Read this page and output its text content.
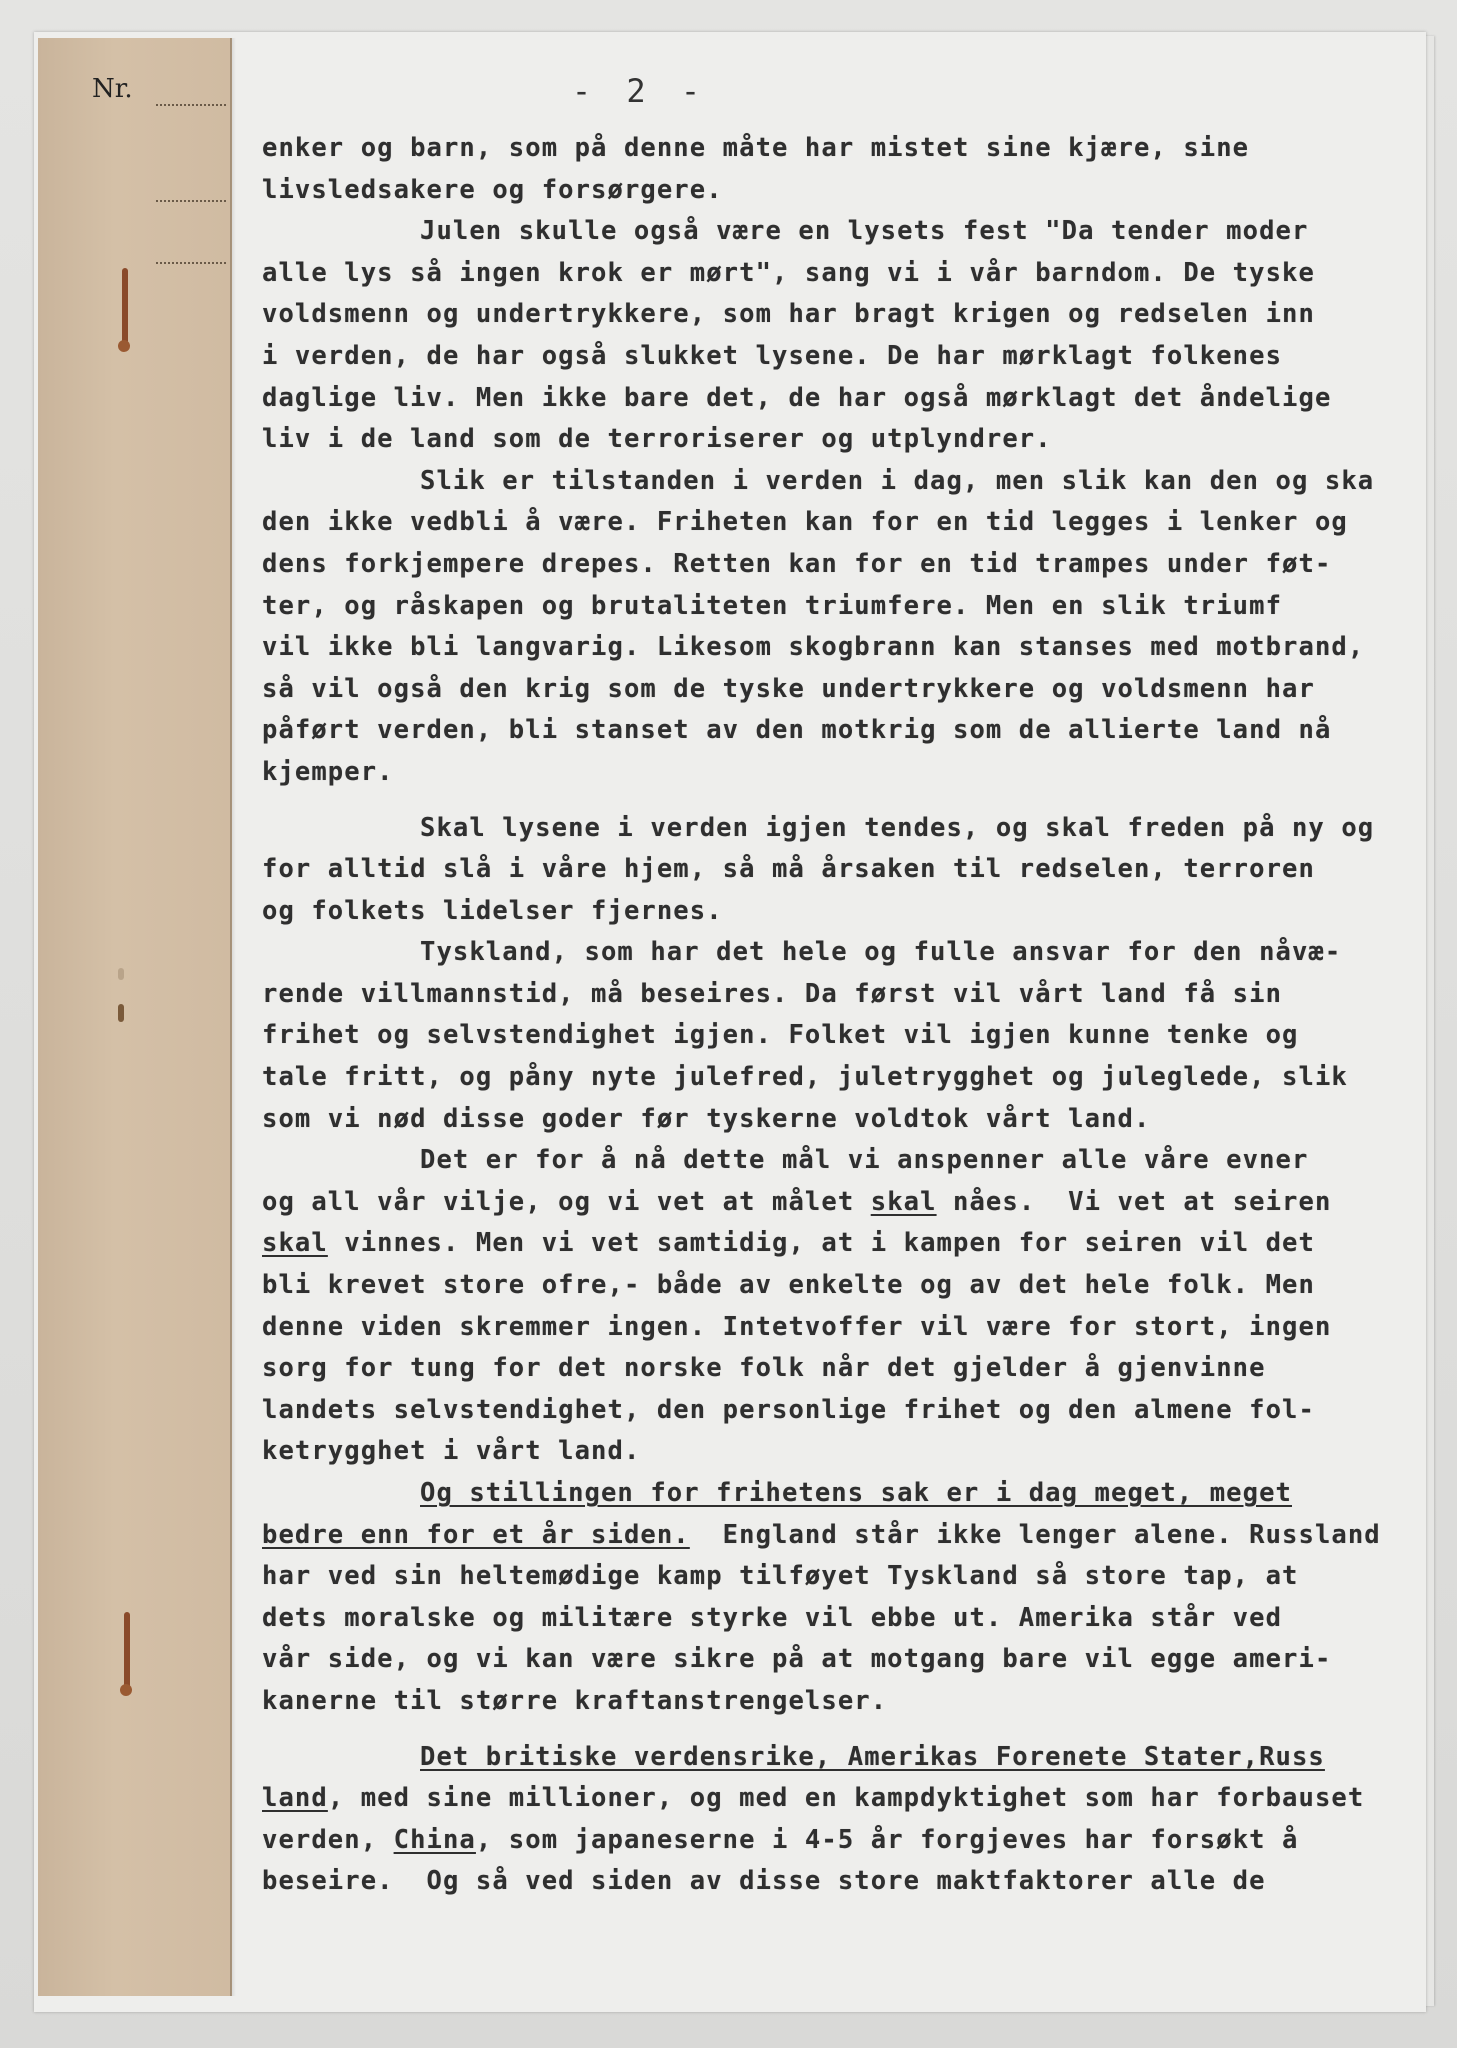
Nr.	- 2 -
enker og barn, som på denne måte har mistet sine kjære, sine
livsledsakere og forsørgere.
Julen skulle også være en lysets fest "Da tender moder
alle lys så ingen krok er mørt", sang vi i vår barndom. De tyske
voldsmenn og undertrykkere, som har bragt krigen og redselen inn
i verden, de har også slukket lysene. De har mørklagt folkenes
daglige liv. Men ikke bare det, de har også mørklagt det åndelige
liv i de land som de terroriserer og utplyndrer.
Slik er tilstanden i verden i dag, men slik kan den og ska
den ikke vedbli å være. Friheten kan for en tid legges i lenker og
dens forkjempere drepes. Retten kan for en tid trampes under føt-
ter, og råskapen og brutaliteten triumfere. Men en slik triumf
vil ikke bli langvarig. Likesom skogbrann kan stanses med motbrand,
så vil også den krig som de tyske undertrykkere og voldsmenn har
påført verden, bli stanset av den motkrig som de allierte land nå
kjemper.
Skal lysene i verden igjen tendes, og skal freden på ny og
for alltid slå i våre hjem, så må årsaken til redselen, terroren
og folkets lidelser fjernes.
Tyskland, som har det hele og fulle ansvar for den nåvæ-
rende villmannstid, må beseires. Da først vil vårt land få sin
frihet og selvstendighet igjen. Folket vil igjen kunne tenke og
tale fritt, og påny nyte julefred, juletrygghet og juleglede, slik
som vi nød disse goder før tyskerne voldtok vårt land.
Det er for å nå dette mål vi anspenner alle våre evner
og all vår vilje, og vi vet at målet skal nåes.  Vi vet at seiren
skal vinnes. Men vi vet samtidig, at i kampen for seiren vil det
bli krevet store ofre,- både av enkelte og av det hele folk. Men
denne viden skremmer ingen. Intetvoffer vil være for stort, ingen
sorg for tung for det norske folk når det gjelder å gjenvinne
landets selvstendighet, den personlige frihet og den almene fol-
ketrygghet i vårt land.
Og stillingen for frihetens sak er i dag meget, meget
bedre enn for et år siden.  England står ikke lenger alene. Russland
har ved sin heltemødige kamp tilføyet Tyskland så store tap, at
dets moralske og militære styrke vil ebbe ut. Amerika står ved
vår side, og vi kan være sikre på at motgang bare vil egge ameri-
kanerne til større kraftanstrengelser.
Det britiske verdensrike, Amerikas Forenete Stater,Russ
land, med sine millioner, og med en kampdyktighet som har forbauset
verden, China, som japaneserne i 4-5 år forgjeves har forsøkt å
beseire.  Og så ved siden av disse store maktfaktorer alle de
